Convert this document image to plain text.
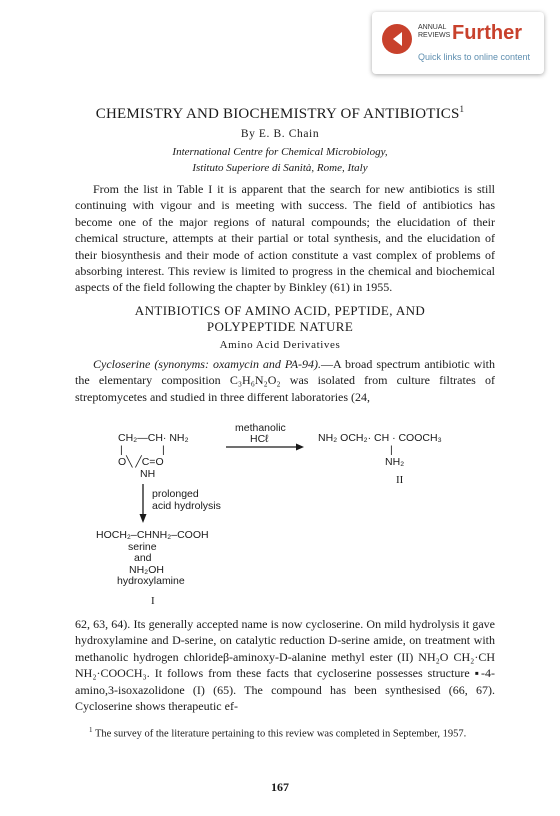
ANNUAL
REVIEWS Further
Quick links to online content
CHEMISTRY AND BIOCHEMISTRY OF ANTIBIOTICS$^1$
By E. B. Chain
International Centre for Chemical Microbiology,
Istituto Superiore di Sanità, Rome, Italy
From the list in Table I it is apparent that the search for new antibiotics is still continuing with vigour and is meeting with success. The field of antibiotics has become one of the major regions of natural compounds; the elucidation of their chemical structure, attempts at their partial or total synthesis, and the elucidation of their biosynthesis and their mode of action constitute a vast complex of problems of absorbing interest. This review is limited to progress in the chemical and biochemical aspects of the field following the chapter by Binkley (61) in 1955.
ANTIBIOTICS OF AMINO ACID, PEPTIDE, AND
POLYPEPTIDE NATURE
Amino Acid Derivatives
Cycloserine (synonyms: oxamycin and PA-94).—A broad spectrum antibiotic with the elementary composition C₃H₆N₂O₂ was isolated from culture filtrates of streptomycetes and studied in three different laboratories (24,
CH₂—CH· NH₂
|	|
O╲ ╱C=O
NH
methanolic
HCℓ	NH₂ OCH₂· CH · COOCH₃
|
NH₂
II
prolonged
acid hydrolysis
HOCH₂–CHNH₂–COOH
serine
and
NH₂OH
hydroxylamine
I
62, 63, 64). Its generally accepted name is now cycloserine. On mild hydrolysis it gave hydroxylamine and D-serine, on catalytic reduction D-serine amide, on treatment with methanolic hydrogen chlorideβ-aminoxy-D-alanine methyl ester (II) NH₂O CH₂·CH NH₂·COOCH₃. It follows from these facts that cycloserine possesses structure ▪-4-amino,3-isoxazolidone (I) (65). The compound has been synthesised (66, 67). Cycloserine shows therapeutic ef-
$^1$ The survey of the literature pertaining to this review was completed in September, 1957.
167
